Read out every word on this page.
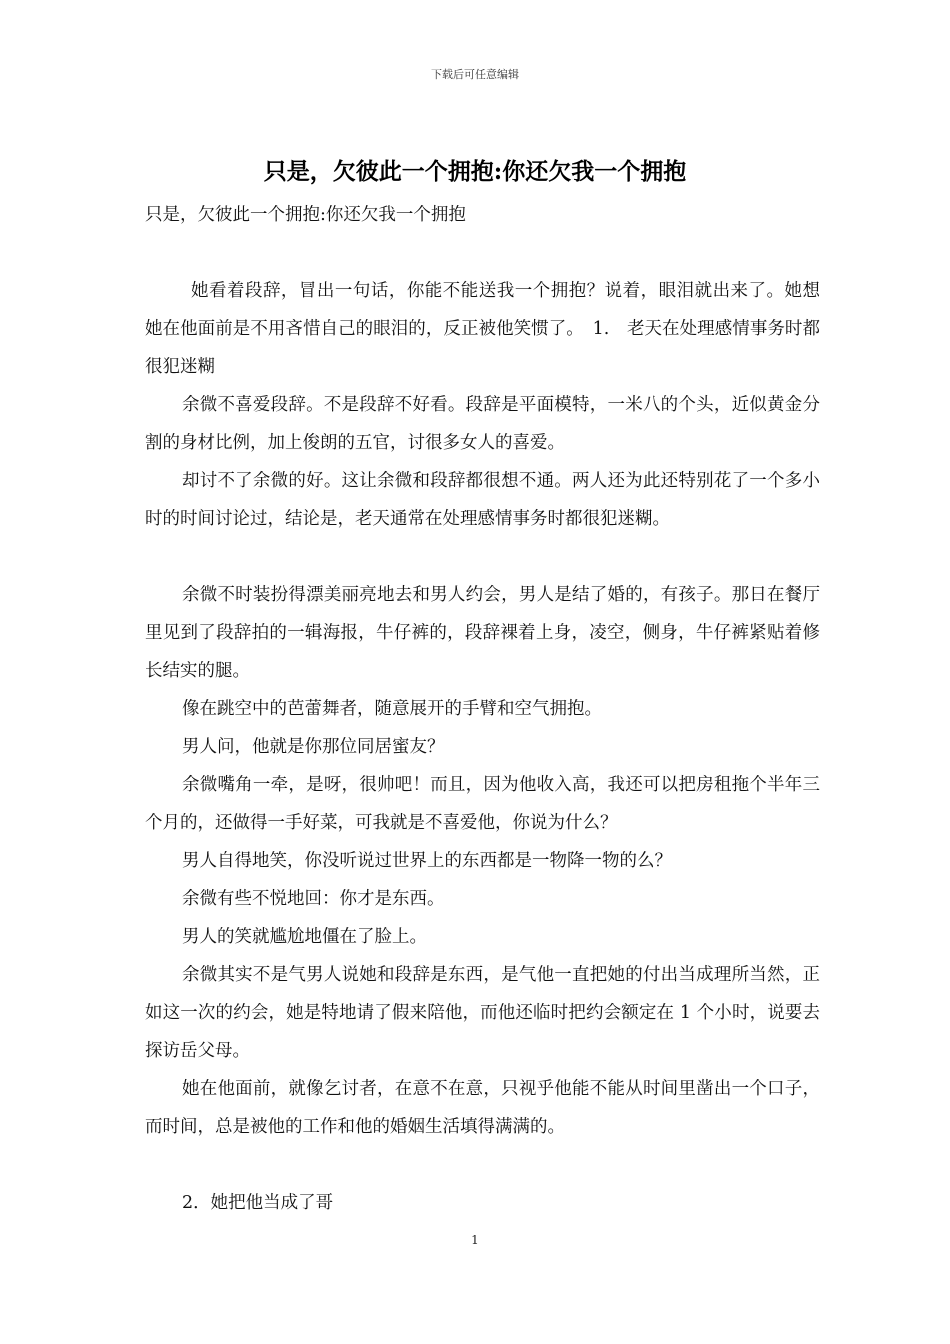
下载后可任意编辑
只是，欠彼此一个拥抱:你还欠我一个拥抱

只是，欠彼此一个拥抱:你还欠我一个拥抱

她看着段辞，冒出一句话，你能不能送我一个拥抱？说着，眼泪就出来了。她想她在他面前是不用吝惜自己的眼泪的，反正被他笑惯了。　1.　老天在处理感情事务时都很犯迷糊

余微不喜爱段辞。不是段辞不好看。段辞是平面模特，一米八的个头，近似黄金分割的身材比例，加上俊朗的五官，讨很多女人的喜爱。

却讨不了余微的好。这让余微和段辞都很想不通。两人还为此还特别花了一个多小时的时间讨论过，结论是，老天通常在处理感情事务时都很犯迷糊。

余微不时装扮得漂美丽亮地去和男人约会，男人是结了婚的，有孩子。那日在餐厅里见到了段辞拍的一辑海报，牛仔裤的，段辞裸着上身，凌空，侧身，牛仔裤紧贴着修长结实的腿。

像在跳空中的芭蕾舞者，随意展开的手臂和空气拥抱。

男人问，他就是你那位同居蜜友？

余微嘴角一牵，是呀，很帅吧！而且，因为他收入高，我还可以把房租拖个半年三个月的，还做得一手好菜，可我就是不喜爱他，你说为什么？

男人自得地笑，你没听说过世界上的东西都是一物降一物的么？

余微有些不悦地回：你才是东西。

男人的笑就尴尬地僵在了脸上。

余微其实不是气男人说她和段辞是东西，是气他一直把她的付出当成理所当然，正如这一次的约会，她是特地请了假来陪他，而他还临时把约会额定在 1 个小时，说要去探访岳父母。

她在他面前，就像乞讨者，在意不在意，只视乎他能不能从时间里凿出一个口子，而时间，总是被他的工作和他的婚姻生活填得满满的。

2．她把他当成了哥

1
